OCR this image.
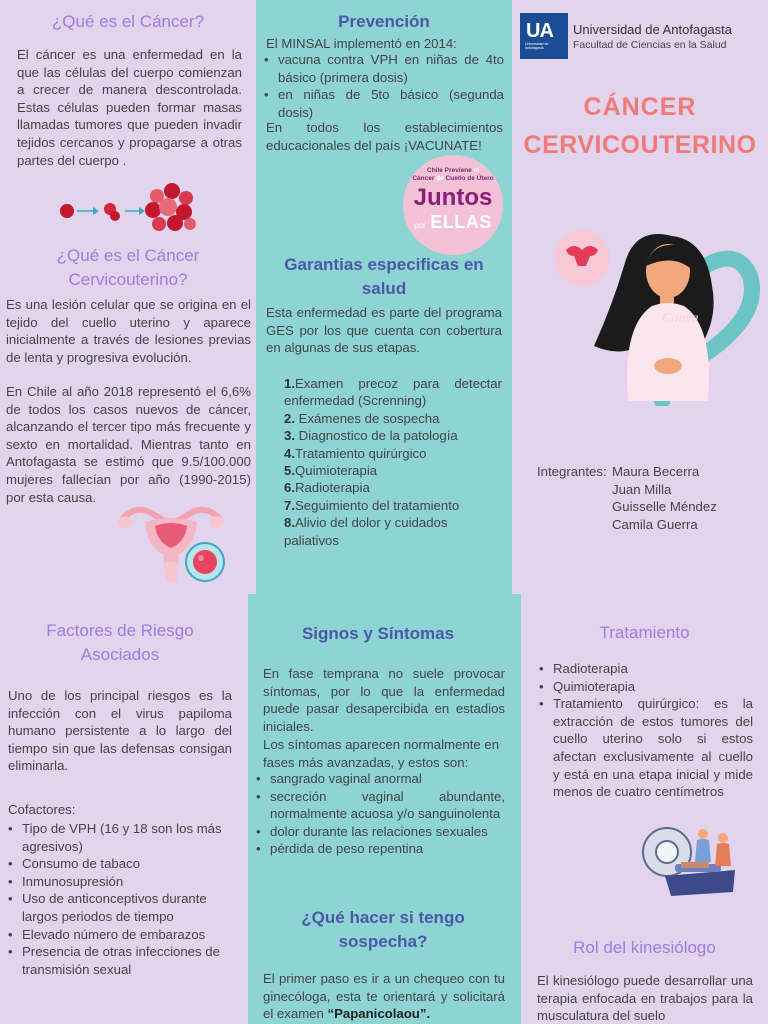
¿Qué es el Cáncer?

El cáncer es una enfermedad en la que las células del cuerpo comienzan a crecer de manera descontrolada. Estas células pueden formar masas llamadas tumores que pueden invadir tejidos cercanos y propagarse a otras partes del cuerpo .

¿Qué es el Cáncer Cervicouterino?

Es una lesión celular que se origina en el tejido del cuello uterino y aparece inicialmente a través de lesiones previas de lenta y progresiva evolución.

En Chile al año 2018 representó el 6,6% de todos los casos nuevos de cáncer, alcanzando el tercer tipo más frecuente y sexto en mortalidad. Mientras tanto en Antofagasta se estimó que 9.5/100.000 mujeres fallecían por año (1990-2015) por esta causa.

Prevención

El MINSAL implementó en 2014:

• vacuna contra VPH en niñas de 4to básico (primera dosis)
• en niñas de 5to básico (segunda dosis)

En todos los establecimientos educacionales del país ¡VACUNATE!

Chile Previene el
Cáncer de Cuello de Útero
Juntos
por ELLAS
Garantias especificas en salud

Esta enfermedad es parte del programa GES por los que cuenta con cobertura en algunas de sus etapas.

1.Examen precoz para detectar enfermedad (Screnning)
2. Exámenes de sospecha
3. Diagnostico de la patología
4.Tratamiento quirúrgico
5.Quimioterapia
6.Radioterapia
7.Seguimiento del tratamiento
8.Alivio del dolor y cuidados paliativos
UA
Universidad de Antofagasta
Universidad de Antofagasta
Facultad de Ciencias en la Salud
CÁNCER
CERVICOUTERINO
Canva
Integrantes: Maura Becerra
Juan Milla
Guisselle Méndez
Camila Guerra
Factores de Riesgo Asociados

Uno de los principal riesgos es la infección con el virus papiloma humano persistente a lo largo del tiempo sin que las defensas consigan eliminarla.

Cofactores:

• Tipo de VPH (16 y 18 son los más agresivos)
• Consumo de tabaco
• Inmunosupresión
• Uso de anticonceptivos durante largos periodos de tiempo
• Elevado número de embarazos
• Presencia de otras infecciones de transmisión sexual
Signos y Síntomas

En fase temprana no suele provocar síntomas, por lo que la enfermedad puede pasar desapercibida en estadios iniciales.

Los síntomas aparecen normalmente en fases más avanzadas, y estos son:

• sangrado vaginal anormal
• secreción vaginal abundante, normalmente acuosa y/o sanguinolenta
• dolor durante las relaciones sexuales
• pérdida de peso repentina
¿Qué hacer si tengo sospecha?

El primer paso es ir a un chequeo con tu ginecóloga, esta te orientará y solicitará el examen “Papanicolaou”.

Tratamiento
• Radioterapia
• Quimioterapia
• Tratamiento quirúrgico: es la extracción de estos tumores del cuello uterino solo si estos afectan exclusivamente al cuello y está en una etapa inicial y mide menos de cuatro centímetros
Rol del kinesiólogo

El kinesiólogo puede desarrollar una terapia enfocada en trabajos para la musculatura del suelo
